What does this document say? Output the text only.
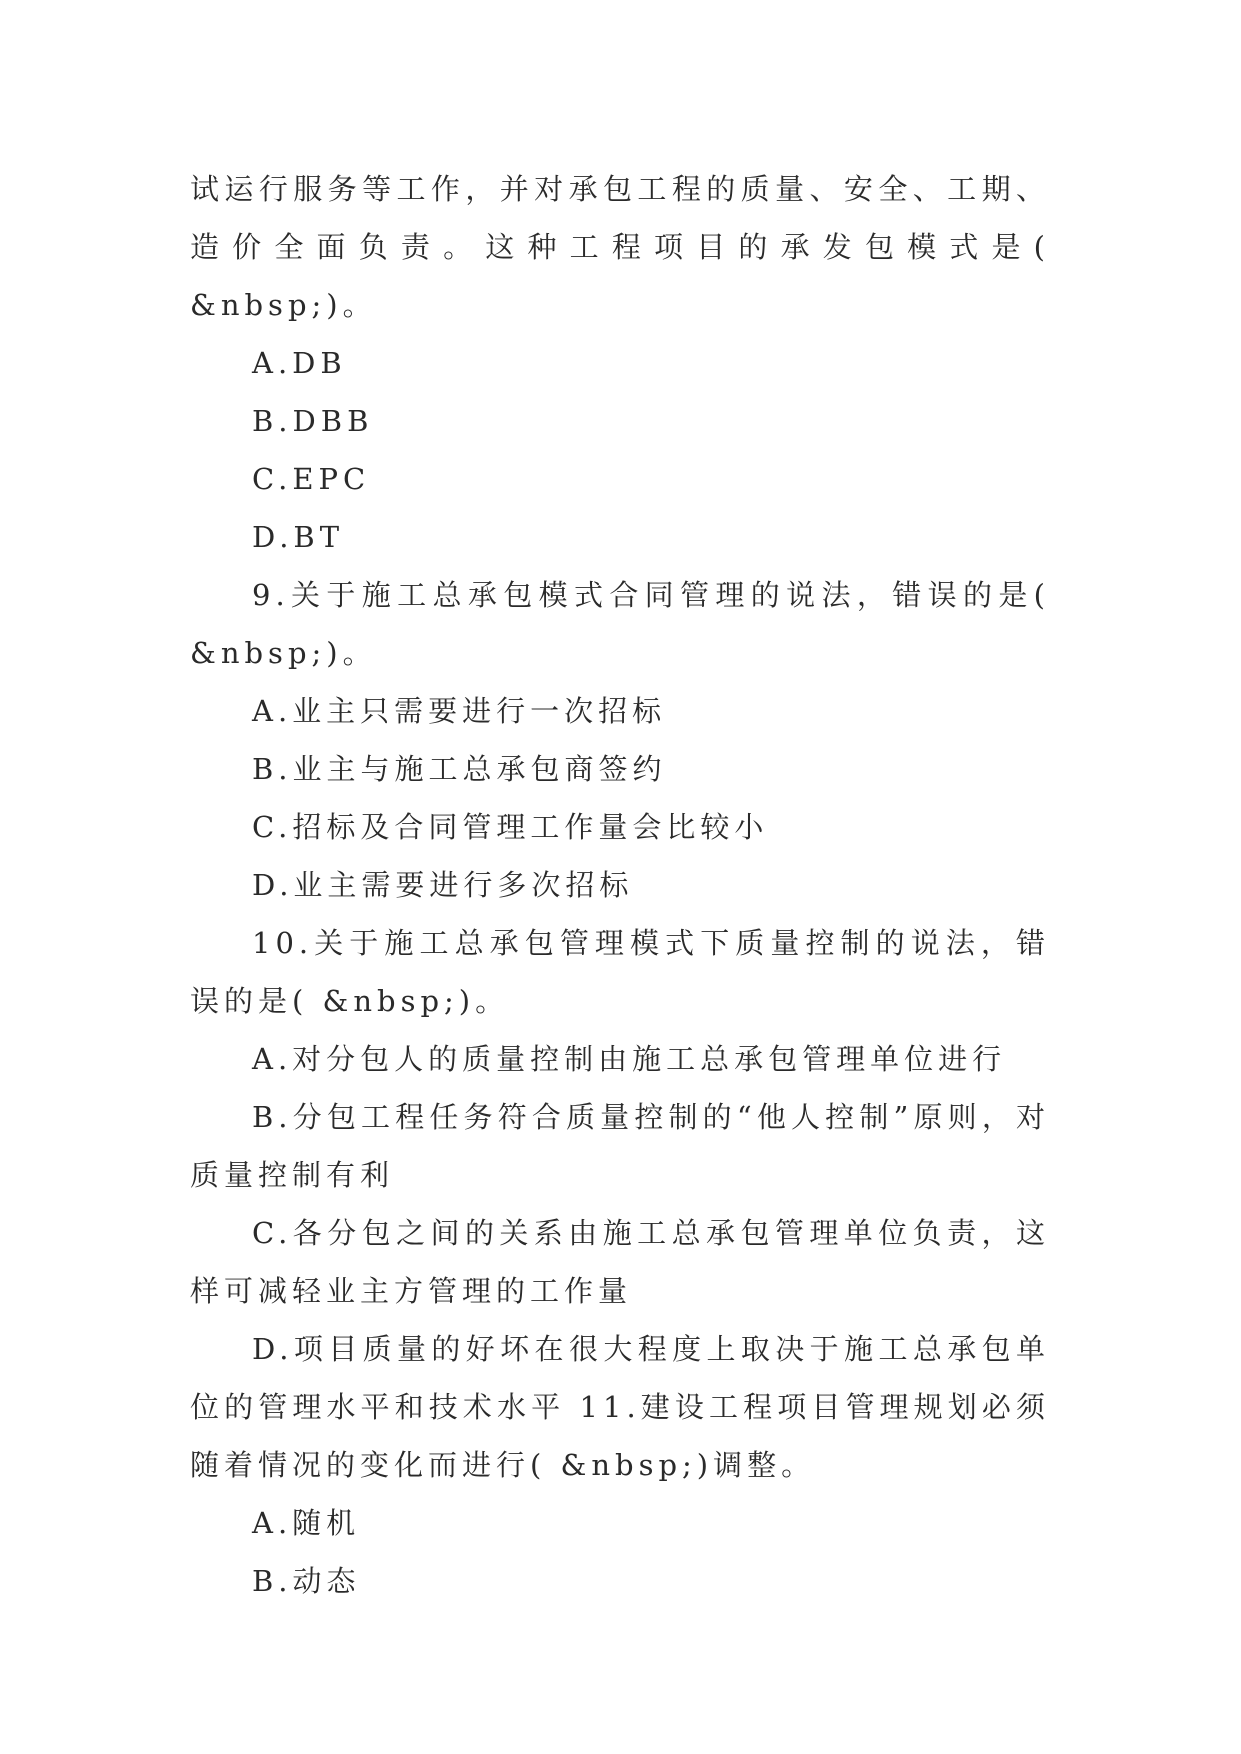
试运行服务等工作，并对承包工程的质量、安全、工期、造价全面负责。这种工程项目的承发包模式是( &nbsp;)。

A.DB

B.DBB

C.EPC

D.BT

9.关于施工总承包模式合同管理的说法，错误的是( &nbsp;)。

A.业主只需要进行一次招标

B.业主与施工总承包商签约

C.招标及合同管理工作量会比较小

D.业主需要进行多次招标

10.关于施工总承包管理模式下质量控制的说法，错误的是( &nbsp;)。

A.对分包人的质量控制由施工总承包管理单位进行

B.分包工程任务符合质量控制的“他人控制”原则，对质量控制有利

C.各分包之间的关系由施工总承包管理单位负责，这样可减轻业主方管理的工作量

D.项目质量的好坏在很大程度上取决于施工总承包单位的管理水平和技术水平 11.建设工程项目管理规划必须随着情况的变化而进行( &nbsp;)调整。

A.随机

B.动态
